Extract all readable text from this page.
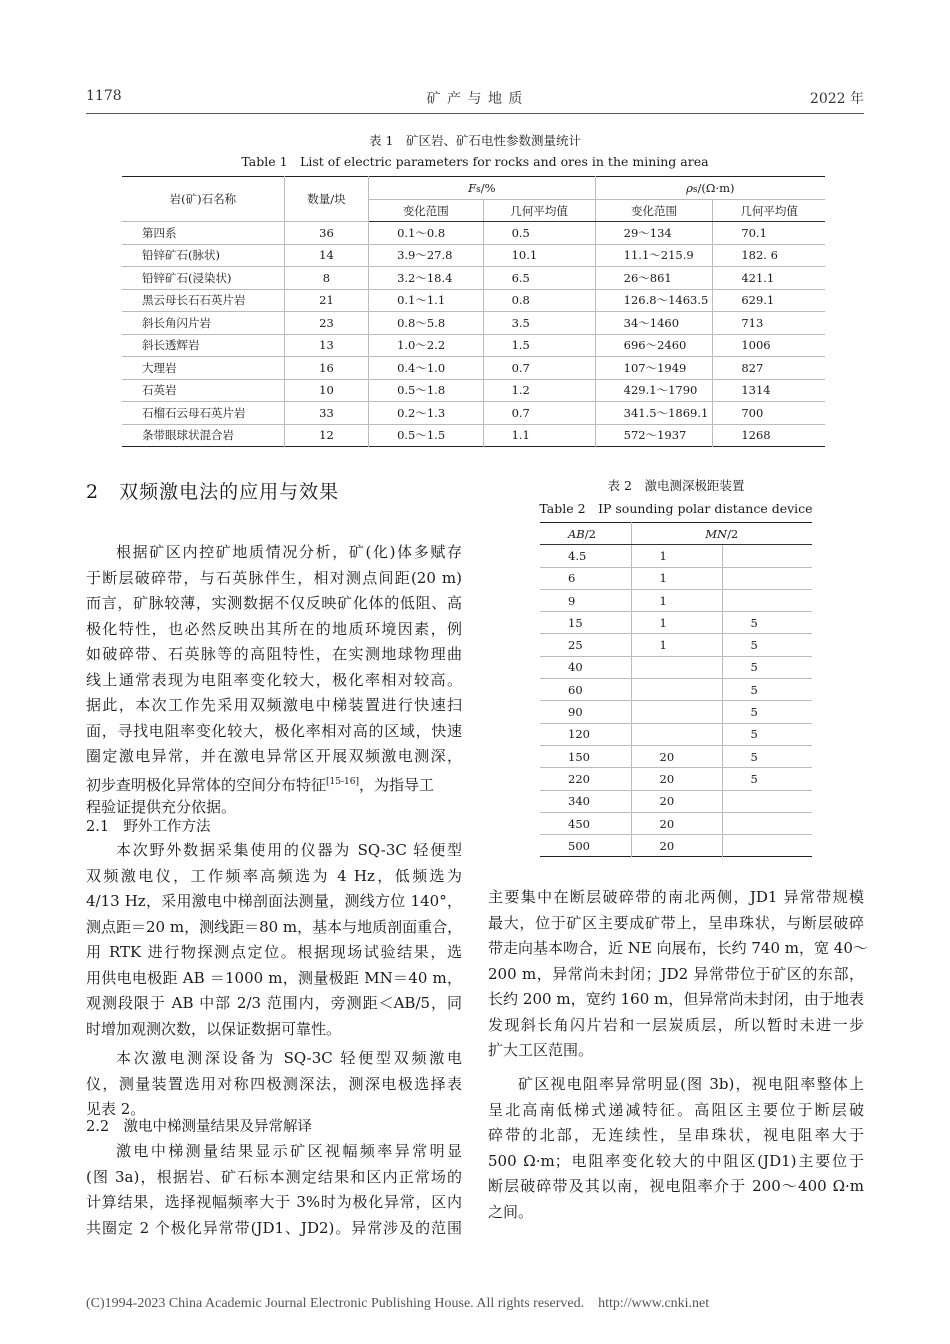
1178	矿 产 与 地 质	2022 年
表 1　矿区岩、矿石电性参数测量统计
Table 1　List of electric parameters for rocks and ores in the mining area
岩(矿)石名称	数量/块	Fs/%		ρs/(Ω·m)	
		变化范围	几何平均值	变化范围	几何平均值
第四系	36	0.1～0.8	0.5	29～134	70.1
铅锌矿石(脉状)	14	3.9～27.8	10.1	11.1～215.9	182. 6
铅锌矿石(浸染状)	8	3.2～18.4	6.5	26～861	421.1
黑云母长石石英片岩	21	0.1～1.1	0.8	126.8～1463.5	629.1
斜长角闪片岩	23	0.8～5.8	3.5	34～1460	713
斜长透辉岩	13	1.0～2.2	1.5	696～2460	1006
大理岩	16	0.4～1.0	0.7	107～1949	827
石英岩	10	0.5～1.8	1.2	429.1～1790	1314
石榴石云母石英片岩	33	0.2～1.3	0.7	341.5～1869.1	700
条带眼球状混合岩	12	0.5～1.5	1.1	572～1937	1268
2　双频激电法的应用与效果
根据矿区内控矿地质情况分析，矿(化)体多赋存
于断层破碎带，与石英脉伴生，相对测点间距(20 m)
而言，矿脉较薄，实测数据不仅反映矿化体的低阻、高
极化特性，也必然反映出其所在的地质环境因素，例
如破碎带、石英脉等的高阻特性，在实测地球物理曲
线上通常表现为电阻率变化较大，极化率相对较高。
据此，本次工作先采用双频激电中梯装置进行快速扫
面，寻找电阻率变化较大，极化率相对高的区域，快速
圈定激电异常，并在激电异常区开展双频激电测深，
初步查明极化异常体的空间分布特征[15-16]，为指导工
程验证提供充分依据。
2.1　野外工作方法
本次野外数据采集使用的仪器为 SQ-3C 轻便型
双频激电仪，工作频率高频选为 4 Hz，低频选为
4/13 Hz，采用激电中梯剖面法测量，测线方位 140°，
测点距＝20 m，测线距＝80 m，基本与地质剖面重合，
用 RTK 进行物探测点定位。根据现场试验结果，选
用供电电极距 AB ＝1000 m，测量极距 MN＝40 m，
观测段限于 AB 中部 2/3 范围内，旁测距＜AB/5，同
时增加观测次数，以保证数据可靠性。
本次激电测深设备为 SQ-3C 轻便型双频激电
仪，测量装置选用对称四极测深法，测深电极选择表
见表 2。
2.2　激电中梯测量结果及异常解译
激电中梯测量结果显示矿区视幅频率异常明显
(图 3a)，根据岩、矿石标本测定结果和区内正常场的
计算结果，选择视幅频率大于 3%时为极化异常，区内
共圈定 2 个极化异常带(JD1、JD2)。异常涉及的范围
表 2　激电测深极距装置
Table 2　IP sounding polar distance device
AB/2	MN/2	
4.5	1	
6	1	
9	1	
15	1	5
25	1	5
40		5
60		5
90		5
120		5
150	20	5
220	20	5
340	20	
450	20	
500	20	
主要集中在断层破碎带的南北两侧，JD1 异常带规模
最大，位于矿区主要成矿带上，呈串珠状，与断层破碎
带走向基本吻合，近 NE 向展布，长约 740 m，宽 40～
200 m，异常尚未封闭；JD2 异常带位于矿区的东部，
长约 200 m，宽约 160 m，但异常尚未封闭，由于地表
发现斜长角闪片岩和一层炭质层，所以暂时未进一步
扩大工区范围。
矿区视电阻率异常明显(图 3b)，视电阻率整体上
呈北高南低梯式递减特征。高阻区主要位于断层破
碎带的北部，无连续性，呈串珠状，视电阻率大于
500 Ω·m；电阻率变化较大的中阻区(JD1)主要位于
断层破碎带及其以南，视电阻率介于 200～400 Ω·m
之间。
(C)1994-2023 China Academic Journal Electronic Publishing House. All rights reserved. http://www.cnki.net
